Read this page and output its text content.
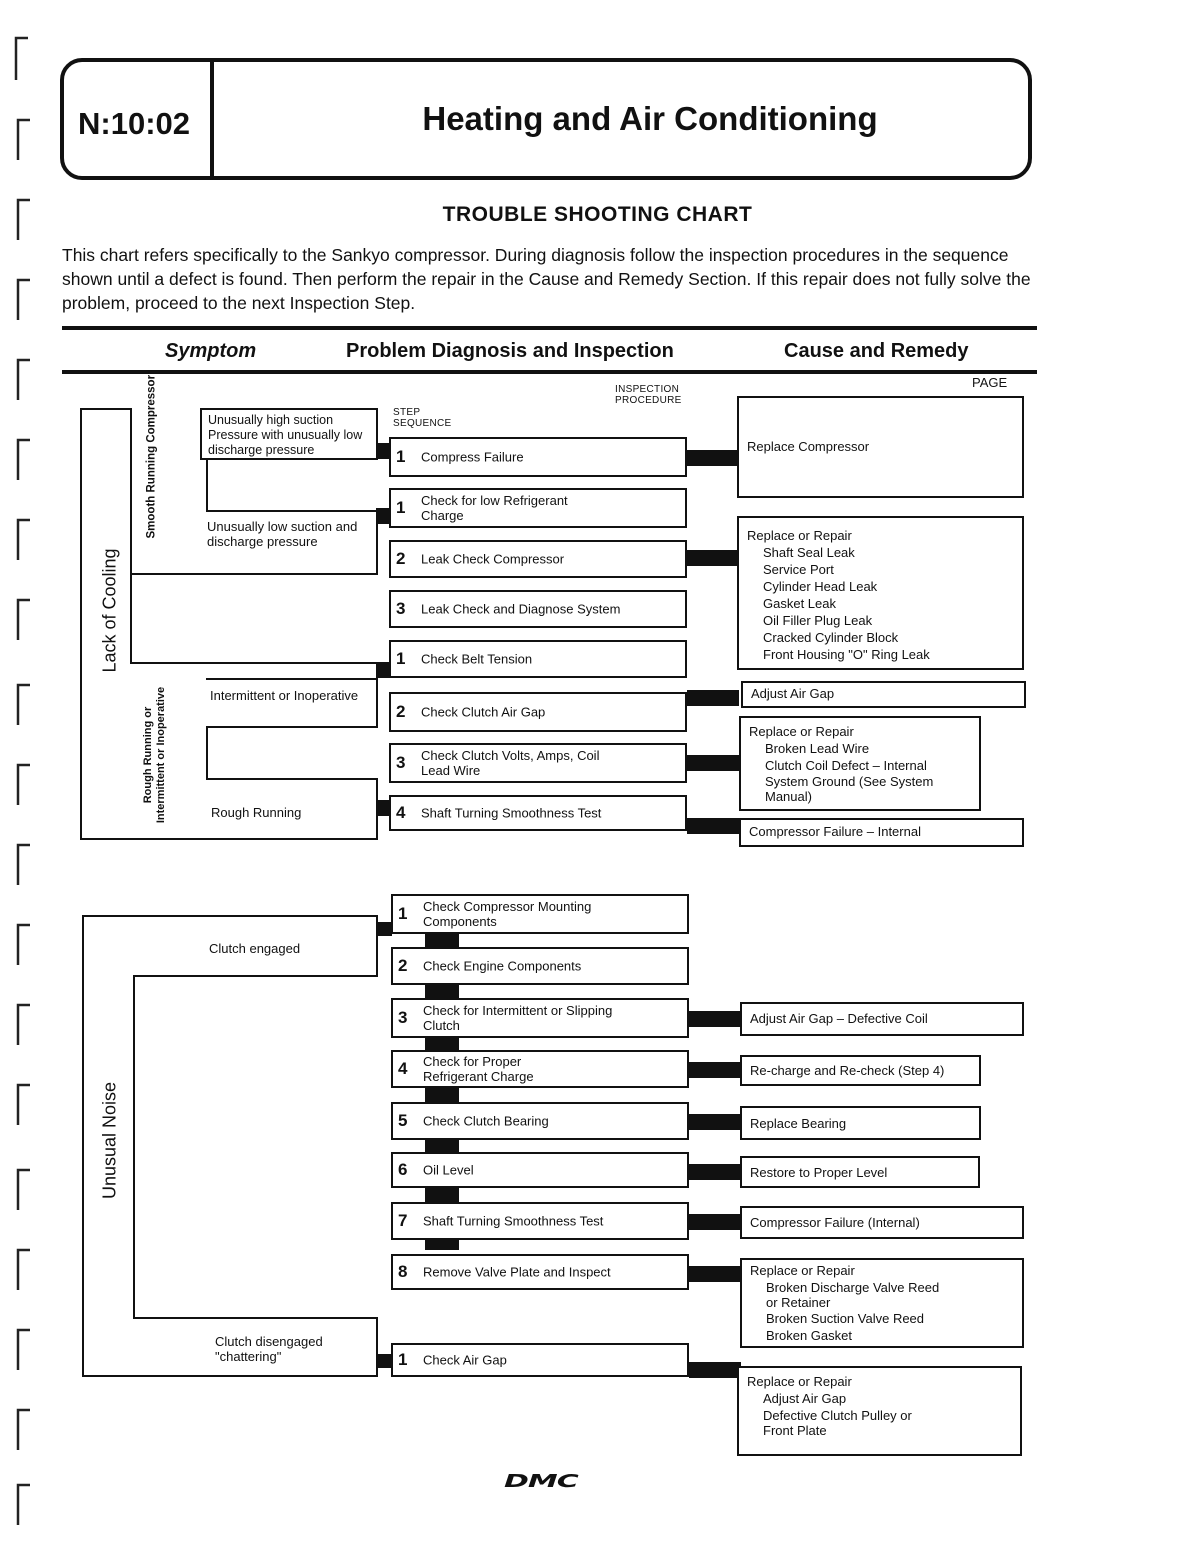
N:10:02	Heating and Air Conditioning
TROUBLE SHOOTING CHART
This chart refers specifically to the Sankyo compressor. During diagnosis follow the inspection procedures in the sequence shown until a defect is found. Then perform the repair in the Cause and Remedy Section. If this repair does not fully solve the problem, proceed to the next Inspection Step.
Symptom	Problem Diagnosis and Inspection	Cause and Remedy
PAGE
INSPECTION PROCEDURE
STEP SEQUENCE
Lack of Cooling
Smooth Running Compressor
Rough Running or Intermittent or Inoperative
Unusually high suction Pressure with unusually low discharge pressure
Unusually low suction and discharge pressure
Intermittent or Inoperative
Rough Running
1 Compress Failure
1 Check for low Refrigerant Charge
2 Leak Check Compressor
3 Leak Check and Diagnose System
1 Check Belt Tension
2 Check Clutch Air Gap
3 Check Clutch Volts, Amps, Coil Lead Wire
4 Shaft Turning Smoothness Test
Replace Compressor
Replace or Repair
Shaft Seal Leak
Service Port
Cylinder Head Leak
Gasket Leak
Oil Filler Plug Leak
Cracked Cylinder Block
Front Housing "O" Ring Leak
Adjust Air Gap
Replace or Repair
Broken Lead Wire
Clutch Coil Defect – Internal
System Ground (See System
Manual)
Compressor Failure – Internal
Unusual Noise
Clutch engaged
Clutch disengaged "chattering"
1 Check Compressor Mounting Components
2 Check Engine Components
3 Check for Intermittent or Slipping Clutch
4 Check for Proper Refrigerant Charge
5 Check Clutch Bearing
6 Oil Level
7 Shaft Turning Smoothness Test
8 Remove Valve Plate and Inspect
1 Check Air Gap
Adjust Air Gap – Defective Coil
Re-charge and Re-check (Step 4)
Replace Bearing
Restore to Proper Level
Compressor Failure (Internal)
Replace or Repair
Broken Discharge Valve Reed
or Retainer
Broken Suction Valve Reed
Broken Gasket
Replace or Repair
Adjust Air Gap
Defective Clutch Pulley or
Front Plate
DMC
